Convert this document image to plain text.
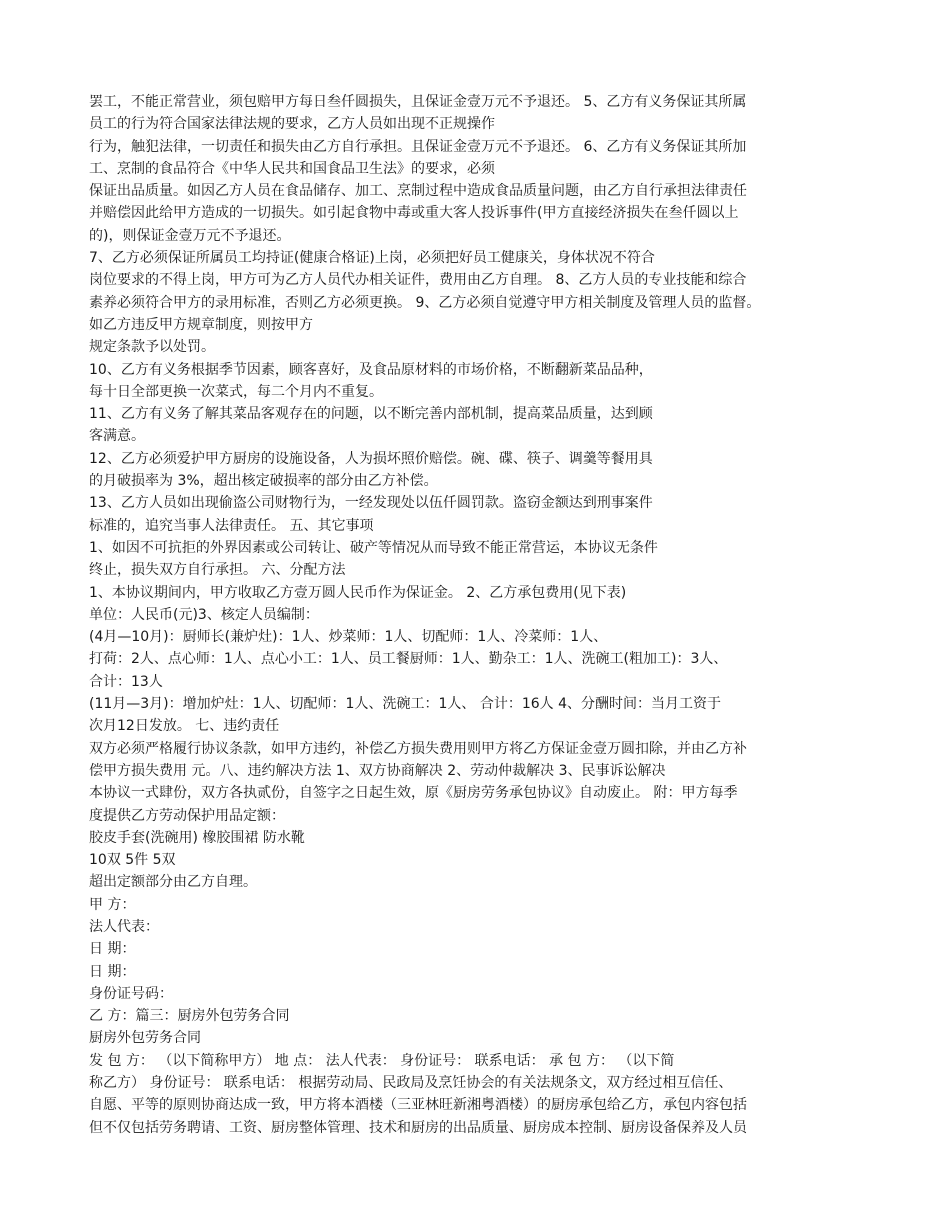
罢工，不能正常营业，须包赔甲方每日叁仟圆损失，且保证金壹万元不予退还。 5、乙方有义务保证其所属
员工的行为符合国家法律法规的要求，乙方人员如出现不正规操作
行为，触犯法律，一切责任和损失由乙方自行承担。且保证金壹万元不予退还。 6、乙方有义务保证其所加
工、烹制的食品符合《中华人民共和国食品卫生法》的要求，必须
保证出品质量。如因乙方人员在食品储存、加工、烹制过程中造成食品质量问题，由乙方自行承担法律责任
并赔偿因此给甲方造成的一切损失。如引起食物中毒或重大客人投诉事件(甲方直接经济损失在叁仟圆以上
的)，则保证金壹万元不予退还。
7、乙方必须保证所属员工均持证(健康合格证)上岗，必须把好员工健康关，身体状况不符合
岗位要求的不得上岗，甲方可为乙方人员代办相关证件，费用由乙方自理。 8、乙方人员的专业技能和综合
素养必须符合甲方的录用标准，否则乙方必须更换。 9、乙方必须自觉遵守甲方相关制度及管理人员的监督。
如乙方违反甲方规章制度，则按甲方
规定条款予以处罚。
10、乙方有义务根据季节因素，顾客喜好，及食品原材料的市场价格，不断翻新菜品品种，
每十日全部更换一次菜式，每二个月内不重复。
11、乙方有义务了解其菜品客观存在的问题，以不断完善内部机制，提高菜品质量，达到顾
客满意。
12、乙方必须爱护甲方厨房的设施设备，人为损坏照价赔偿。碗、碟、筷子、调羹等餐用具
的月破损率为 3%，超出核定破损率的部分由乙方补偿。
13、乙方人员如出现偷盗公司财物行为，一经发现处以伍仟圆罚款。盗窃金额达到刑事案件
标准的，追究当事人法律责任。 五、其它事项
1、如因不可抗拒的外界因素或公司转让、破产等情况从而导致不能正常营运，本协议无条件
终止，损失双方自行承担。 六、分配方法
1、本协议期间内，甲方收取乙方壹万圆人民币作为保证金。 2、乙方承包费用(见下表)
单位：人民币(元)3、核定人员编制：
(4月—10月)：厨师长(兼炉灶)：1人、炒菜师：1人、切配师：1人、冷菜师：1人、
打荷：2人、点心师：1人、点心小工：1人、员工餐厨师：1人、勤杂工：1人、洗碗工(粗加工)：3人、
合计：13人
(11月—3月)：增加炉灶：1人、切配师：1人、洗碗工：1人、 合计：16人 4、分酬时间：当月工资于
次月12日发放。 七、违约责任
双方必须严格履行协议条款，如甲方违约，补偿乙方损失费用则甲方将乙方保证金壹万圆扣除，并由乙方补
偿甲方损失费用 元。八、违约解决方法 1、双方协商解决 2、劳动仲裁解决 3、民事诉讼解决
本协议一式肆份，双方各执贰份，自签字之日起生效，原《厨房劳务承包协议》自动废止。 附：甲方每季
度提供乙方劳动保护用品定额：
胶皮手套(洗碗用) 橡胶围裙 防水靴
10双 5件 5双
超出定额部分由乙方自理。
甲 方：
法人代表：
日 期：
日 期：
身份证号码：
乙 方：篇三：厨房外包劳务合同
厨房外包劳务合同
发 包 方： （以下简称甲方） 地 点： 法人代表： 身份证号： 联系电话： 承 包 方： （以下简
称乙方） 身份证号： 联系电话： 根据劳动局、民政局及烹饪协会的有关法规条文，双方经过相互信任、
自愿、平等的原则协商达成一致，甲方将本酒楼（三亚林旺新湘粤酒楼）的厨房承包给乙方，承包内容包括
但不仅包括劳务聘请、工资、厨房整体管理、技术和厨房的出品质量、厨房成本控制、厨房设备保养及人员
